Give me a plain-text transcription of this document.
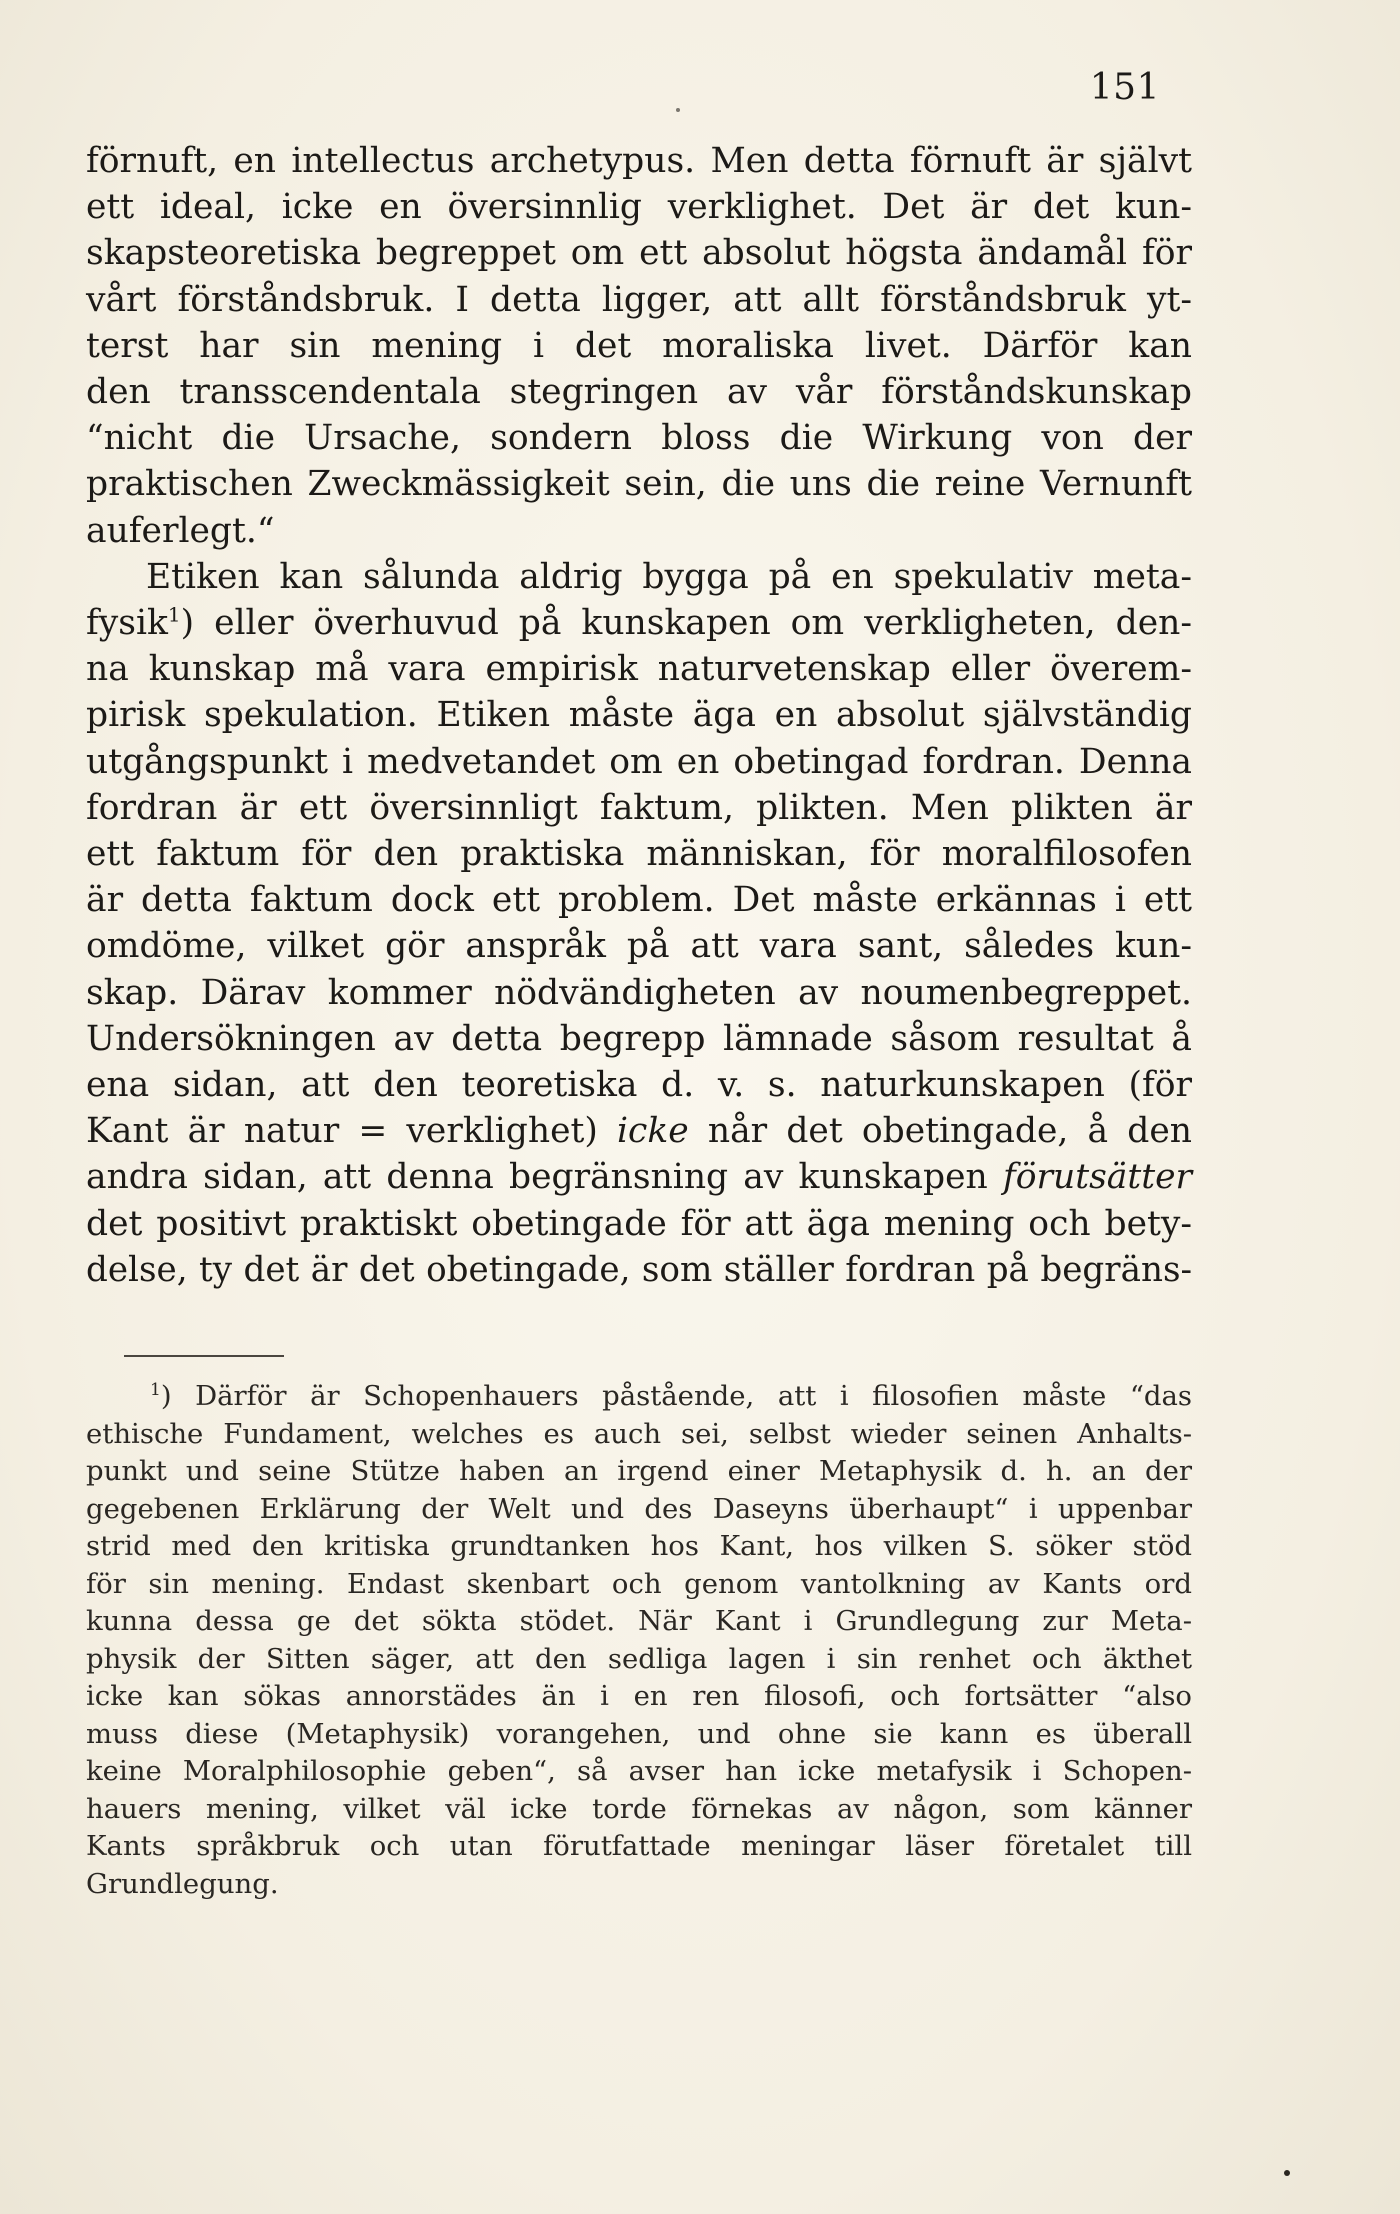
151
förnuft, en intellectus archetypus. Men detta förnuft är självt
ett ideal, icke en översinnlig verklighet. Det är det kun-
skapsteoretiska begreppet om ett absolut högsta ändamål för
vårt förståndsbruk. I detta ligger, att allt förståndsbruk yt-
terst har sin mening i det moraliska livet. Därför kan
den transscendentala stegringen av vår förståndskunskap
“nicht die Ursache, sondern bloss die Wirkung von der
praktischen Zweckmässigkeit sein, die uns die reine Vernunft
auferlegt.“
Etiken kan sålunda aldrig bygga på en spekulativ meta-
fysik$^1$) eller överhuvud på kunskapen om verkligheten, den-
na kunskap må vara empirisk naturvetenskap eller överem-
pirisk spekulation. Etiken måste äga en absolut självständig
utgångspunkt i medvetandet om en obetingad fordran. Denna
fordran är ett översinnligt faktum, plikten. Men plikten är
ett faktum för den praktiska människan, för moralfilosofen
är detta faktum dock ett problem. Det måste erkännas i ett
omdöme, vilket gör anspråk på att vara sant, således kun-
skap. Därav kommer nödvändigheten av noumenbegreppet.
Undersökningen av detta begrepp lämnade såsom resultat å
ena sidan, att den teoretiska d. v. s. naturkunskapen (för
Kant är natur = verklighet) icke når det obetingade, å den
andra sidan, att denna begränsning av kunskapen förutsätter
det positivt praktiskt obetingade för att äga mening och bety-
delse, ty det är det obetingade, som ställer fordran på begräns-
$^1$) Därför är Schopenhauers påstående, att i filosofien måste “das
ethische Fundament, welches es auch sei, selbst wieder seinen Anhalts-
punkt und seine Stütze haben an irgend einer Metaphysik d. h. an der
gegebenen Erklärung der Welt und des Daseyns überhaupt“ i uppenbar
strid med den kritiska grundtanken hos Kant, hos vilken S. söker stöd
för sin mening. Endast skenbart och genom vantolkning av Kants ord
kunna dessa ge det sökta stödet. När Kant i Grundlegung zur Meta-
physik der Sitten säger, att den sedliga lagen i sin renhet och äkthet
icke kan sökas annorstädes än i en ren filosofi, och fortsätter “also
muss diese (Metaphysik) vorangehen, und ohne sie kann es überall
keine Moralphilosophie geben“, så avser han icke metafysik i Schopen-
hauers mening, vilket väl icke torde förnekas av någon, som känner
Kants språkbruk och utan förutfattade meningar läser företalet till
Grundlegung.
